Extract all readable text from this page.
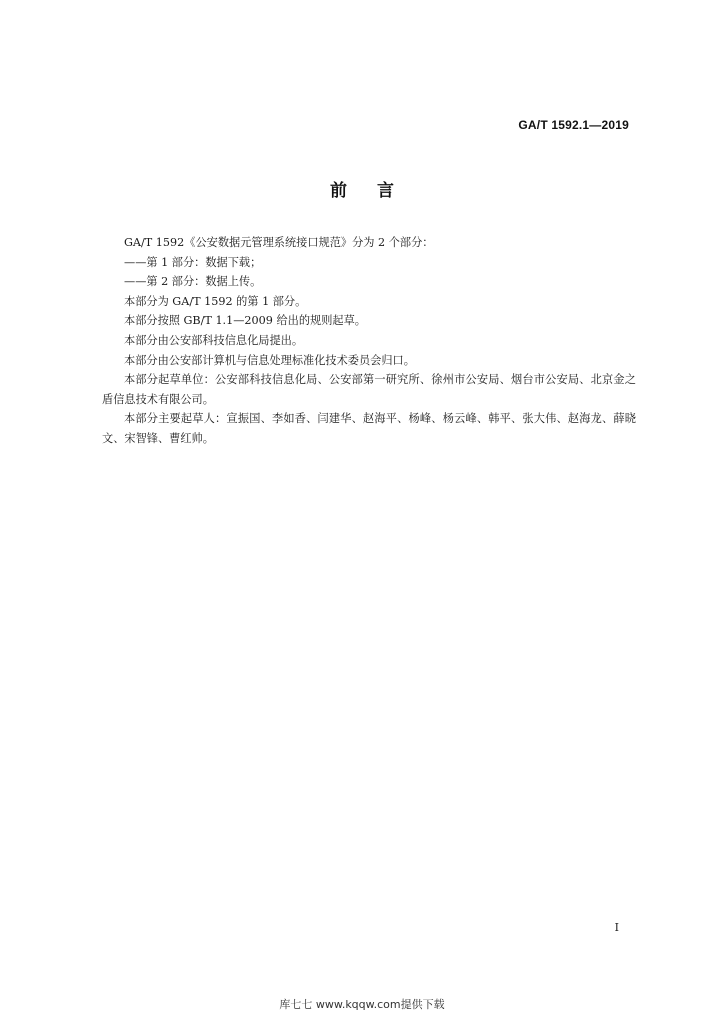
GA/T 1592.1—2019
前言

GA/T 1592《公安数据元管理系统接口规范》分为 2 个部分：

——第 1 部分：数据下载；

——第 2 部分：数据上传。

本部分为 GA/T 1592 的第 1 部分。

本部分按照 GB/T 1.1—2009 给出的规则起草。

本部分由公安部科技信息化局提出。

本部分由公安部计算机与信息处理标准化技术委员会归口。

本部分起草单位：公安部科技信息化局、公安部第一研究所、徐州市公安局、烟台市公安局、北京金之盾信息技术有限公司。

本部分主要起草人：宣振国、李如香、闫建华、赵海平、杨峰、杨云峰、韩平、张大伟、赵海龙、薛晓文、宋智锋、曹红帅。

I
库七七 www.kqqw.com提供下载
